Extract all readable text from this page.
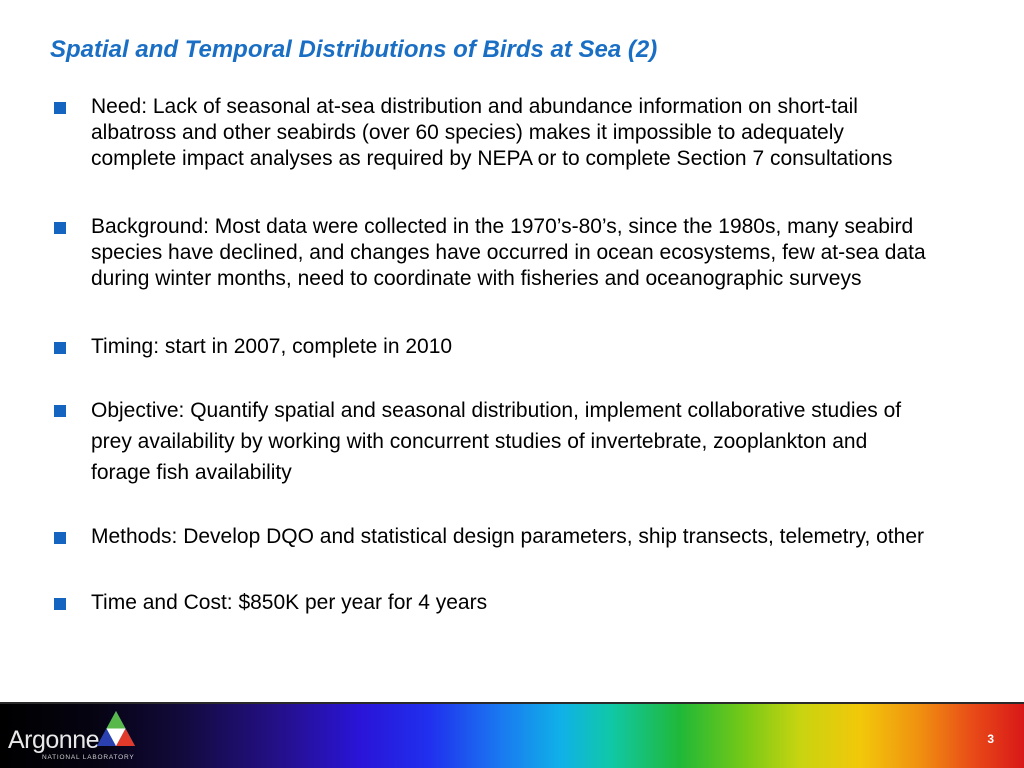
Spatial and Temporal Distributions of Birds at Sea (2)
Need: Lack of seasonal at-sea distribution and abundance information on short-tail albatross and other seabirds (over 60 species) makes it impossible to adequately complete impact analyses as required by NEPA or to complete Section 7 consultations
Background: Most data were collected in the 1970’s-80’s, since the 1980s, many seabird species have declined, and changes have occurred in ocean ecosystems, few at-sea data during winter months, need to coordinate with fisheries and oceanographic surveys
Timing: start in 2007, complete in 2010
Objective: Quantify spatial and seasonal distribution, implement collaborative studies of prey availability by working with concurrent studies of invertebrate, zooplankton and forage fish availability
Methods: Develop DQO and statistical design parameters, ship transects, telemetry, other
Time and Cost: $850K per year for 4 years
Argonne
NATIONAL LABORATORY
3
